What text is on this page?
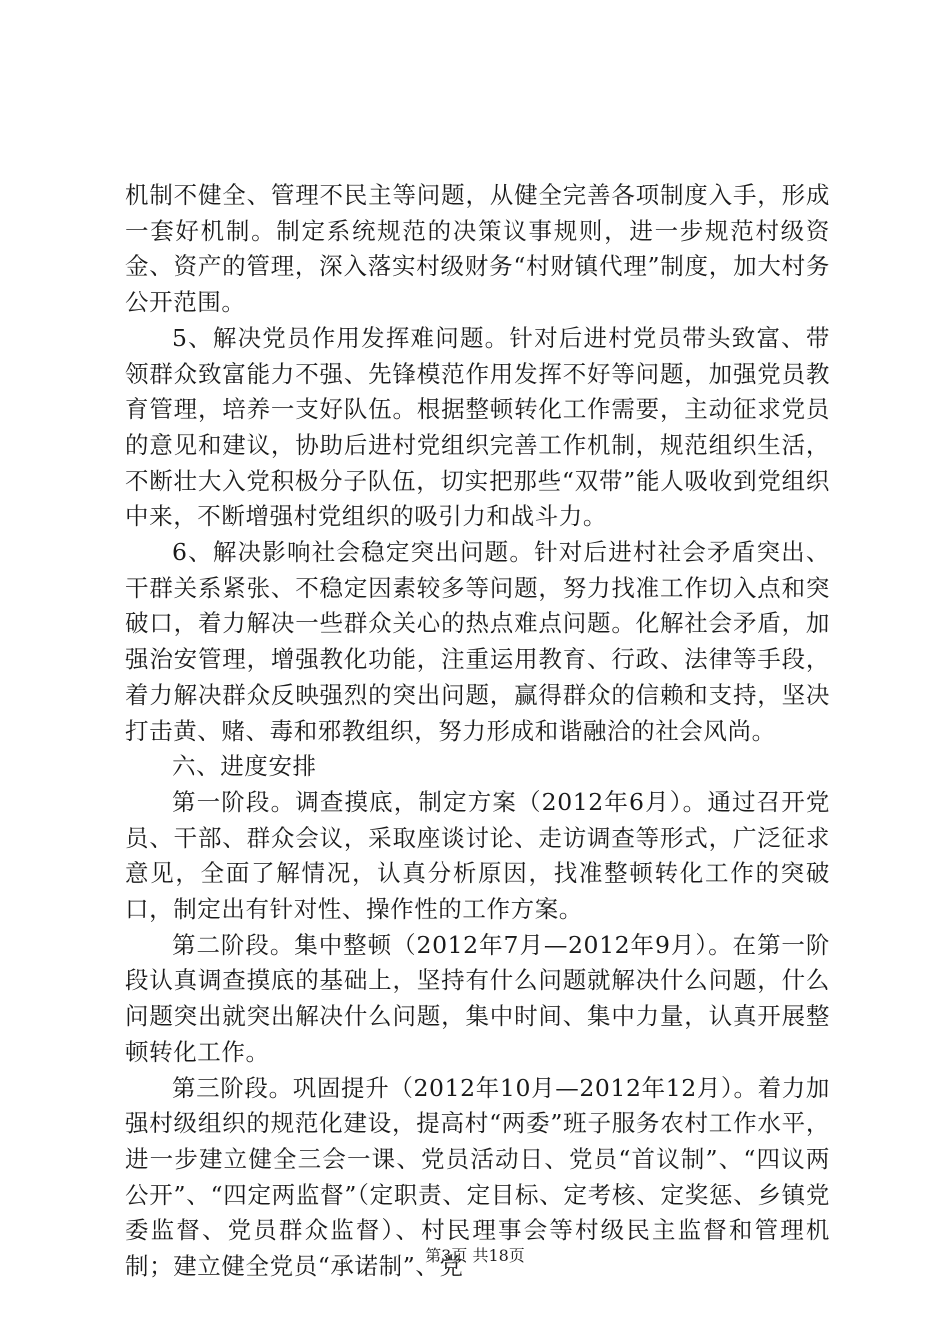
机制不健全、管理不民主等问题，从健全完善各项制度入手，形成一套好机制。制定系统规范的决策议事规则，进一步规范村级资金、资产的管理，深入落实村级财务“村财镇代理”制度，加大村务公开范围。

5、解决党员作用发挥难问题。针对后进村党员带头致富、带领群众致富能力不强、先锋模范作用发挥不好等问题，加强党员教育管理，培养一支好队伍。根据整顿转化工作需要，主动征求党员的意见和建议，协助后进村党组织完善工作机制，规范组织生活，不断壮大入党积极分子队伍，切实把那些“双带”能人吸收到党组织中来，不断增强村党组织的吸引力和战斗力。

6、解决影响社会稳定突出问题。针对后进村社会矛盾突出、干群关系紧张、不稳定因素较多等问题，努力找准工作切入点和突破口，着力解决一些群众关心的热点难点问题。化解社会矛盾，加强治安管理，增强教化功能，注重运用教育、行政、法律等手段，着力解决群众反映强烈的突出问题，赢得群众的信赖和支持，坚决打击黄、赌、毒和邪教组织，努力形成和谐融洽的社会风尚。

六、进度安排

第一阶段。调查摸底，制定方案（2012年6月）。通过召开党员、干部、群众会议，采取座谈讨论、走访调查等形式，广泛征求意见，全面了解情况，认真分析原因，找准整顿转化工作的突破口，制定出有针对性、操作性的工作方案。

第二阶段。集中整顿（2012年7月—2012年9月）。在第一阶段认真调查摸底的基础上，坚持有什么问题就解决什么问题，什么问题突出就突出解决什么问题，集中时间、集中力量，认真开展整顿转化工作。

第三阶段。巩固提升（2012年10月—2012年12月）。着力加强村级组织的规范化建设，提高村“两委”班子服务农村工作水平，进一步建立健全三会一课、党员活动日、党员“首议制”、“四议两公开”、“四定两监督”（定职责、定目标、定考核、定奖惩、乡镇党委监督、党员群众监督）、村民理事会等村级民主监督和管理机制；建立健全党员“承诺制”、党

第3页 共18页
